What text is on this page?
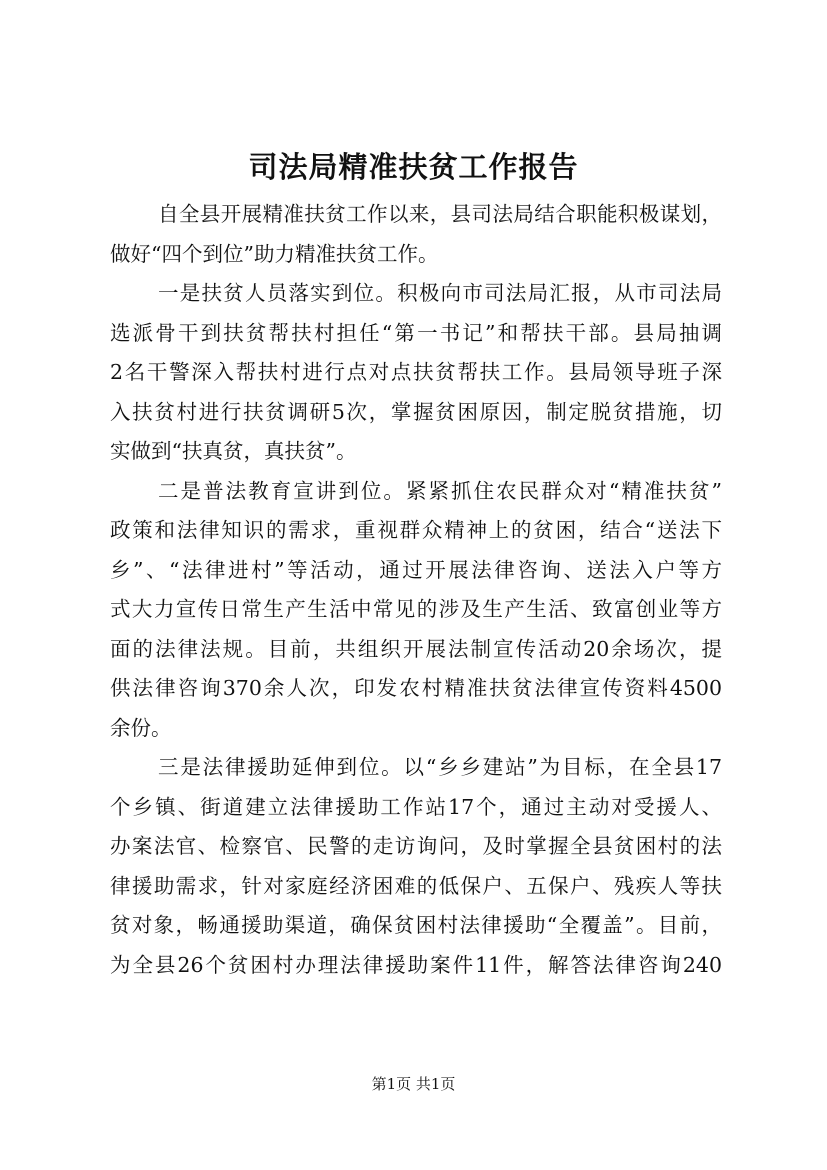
司法局精准扶贫工作报告
自全县开展精准扶贫工作以来，县司法局结合职能积极谋划，
做好“四个到位”助力精准扶贫工作。
一是扶贫人员落实到位。积极向市司法局汇报，从市司法局
选派骨干到扶贫帮扶村担任“第一书记”和帮扶干部。县局抽调
2名干警深入帮扶村进行点对点扶贫帮扶工作。县局领导班子深
入扶贫村进行扶贫调研5次，掌握贫困原因，制定脱贫措施，切
实做到“扶真贫，真扶贫”。
二是普法教育宣讲到位。紧紧抓住农民群众对“精准扶贫”
政策和法律知识的需求，重视群众精神上的贫困，结合“送法下
乡”、“法律进村”等活动，通过开展法律咨询、送法入户等方
式大力宣传日常生产生活中常见的涉及生产生活、致富创业等方
面的法律法规。目前，共组织开展法制宣传活动20余场次，提
供法律咨询370余人次，印发农村精准扶贫法律宣传资料4500
余份。
三是法律援助延伸到位。以“乡乡建站”为目标，在全县17
个乡镇、街道建立法律援助工作站17个，通过主动对受援人、
办案法官、检察官、民警的走访询问，及时掌握全县贫困村的法
律援助需求，针对家庭经济困难的低保户、五保户、残疾人等扶
贫对象，畅通援助渠道，确保贫困村法律援助“全覆盖”。目前，
为全县26个贫困村办理法律援助案件11件，解答法律咨询240
第1页 共1页
